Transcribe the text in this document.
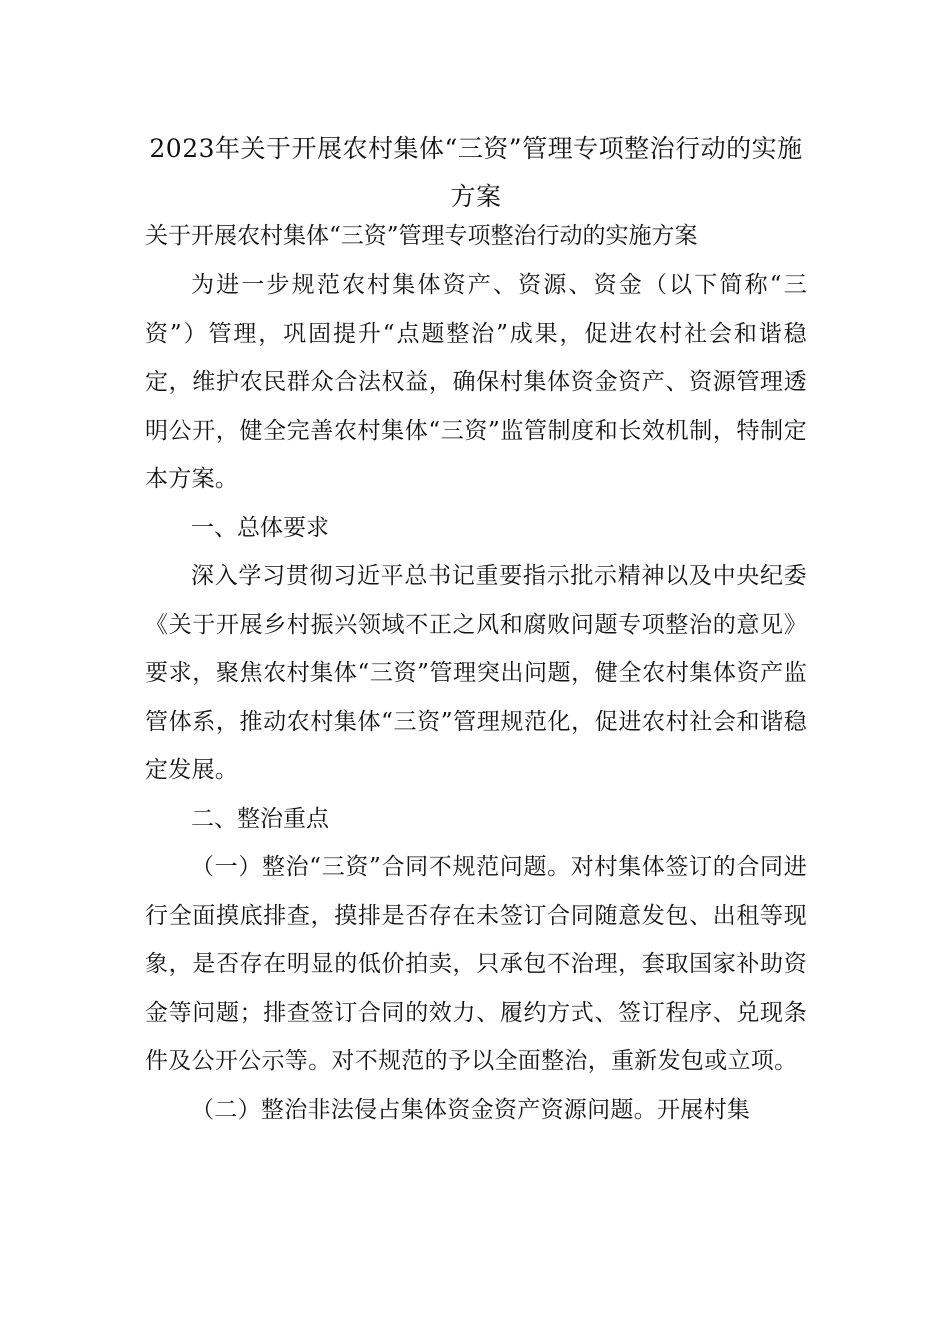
2023年关于开展农村集体“三资”管理专项整治行动的实施方案
关于开展农村集体“三资”管理专项整治行动的实施方案

为进一步规范农村集体资产、资源、资金（以下简称“三资”）管理，巩固提升“点题整治”成果，促进农村社会和谐稳定，维护农民群众合法权益，确保村集体资金资产、资源管理透明公开，健全完善农村集体“三资”监管制度和长效机制，特制定本方案。

一、总体要求

深入学习贯彻习近平总书记重要指示批示精神以及中央纪委《关于开展乡村振兴领域不正之风和腐败问题专项整治的意见》要求，聚焦农村集体“三资”管理突出问题，健全农村集体资产监管体系，推动农村集体“三资”管理规范化，促进农村社会和谐稳定发展。

二、整治重点

（一）整治“三资”合同不规范问题。对村集体签订的合同进行全面摸底排查，摸排是否存在未签订合同随意发包、出租等现象，是否存在明显的低价拍卖，只承包不治理，套取国家补助资金等问题；排查签订合同的效力、履约方式、签订程序、兑现条件及公开公示等。对不规范的予以全面整治，重新发包或立项。

（二）整治非法侵占集体资金资产资源问题。开展村集
